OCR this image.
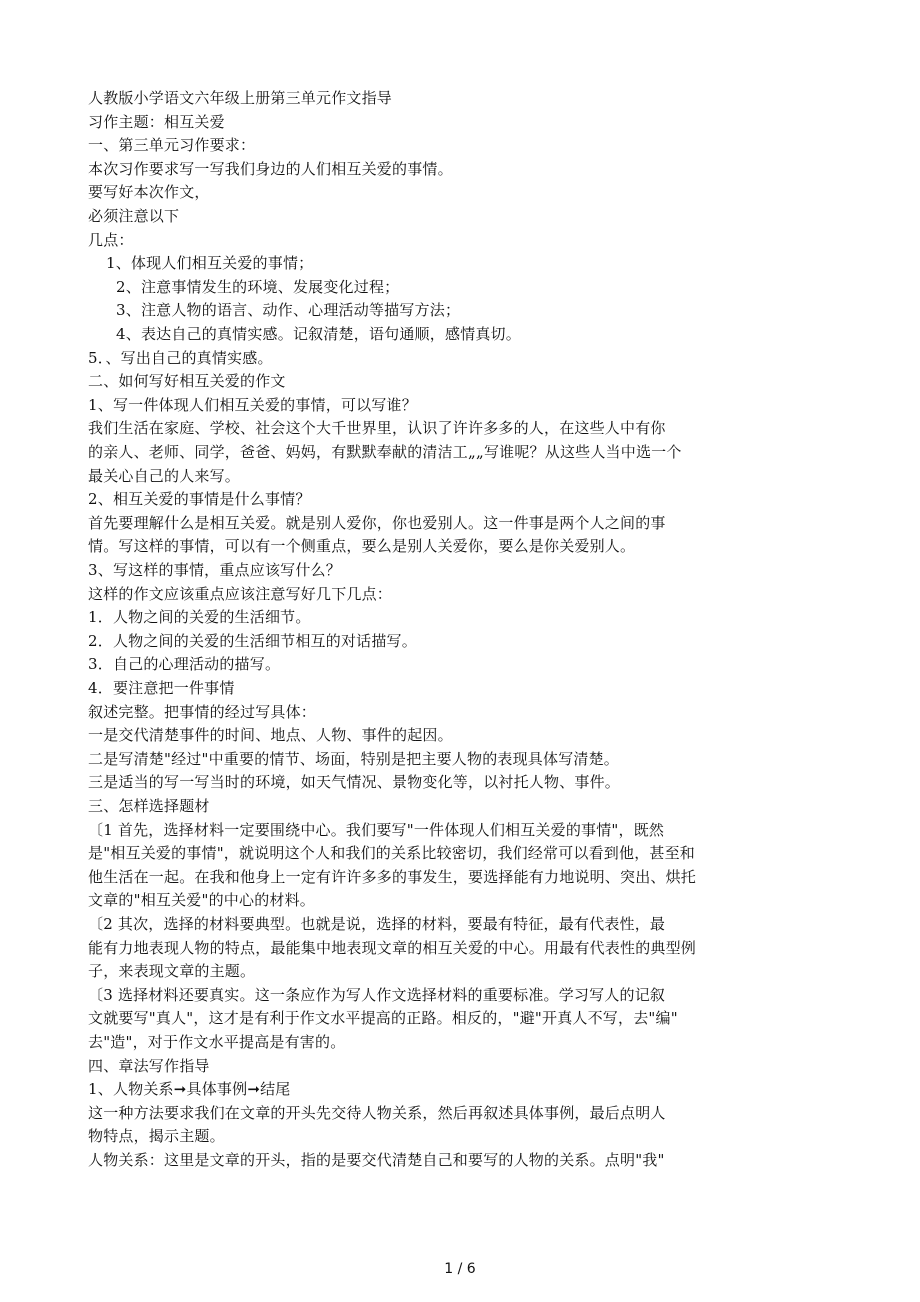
人教版小学语文六年级上册第三单元作文指导
习作主题：相互关爱
一、第三单元习作要求：
本次习作要求写一写我们身边的人们相互关爱的事情。
要写好本次作文，
必须注意以下
几点：
1、体现人们相互关爱的事情；
2、注意事情发生的环境、发展变化过程；
3、注意人物的语言、动作、心理活动等描写方法；
4、表达自己的真情实感。记叙清楚，语句通顺，感情真切。
5．、写出自己的真情实感。
二、如何写好相互关爱的作文
1、写一件体现人们相互关爱的事情，可以写谁？
我们生活在家庭、学校、社会这个大千世界里，认识了许许多多的人，在这些人中有你
的亲人、老师、同学，爸爸、妈妈，有默默奉献的清洁工„„写谁呢？从这些人当中选一个
最关心自己的人来写。
2、相互关爱的事情是什么事情？
首先要理解什么是相互关爱。就是别人爱你，你也爱别人。这一件事是两个人之间的事
情。写这样的事情，可以有一个侧重点，要么是别人关爱你，要么是你关爱别人。
3、写这样的事情，重点应该写什么？
这样的作文应该重点应该注意写好几下几点：
1．人物之间的关爱的生活细节。
2．人物之间的关爱的生活细节相互的对话描写。
3．自己的心理活动的描写。
4．要注意把一件事情
叙述完整。把事情的经过写具体：
一是交代清楚事件的时间、地点、人物、事件的起因。
二是写清楚"经过"中重要的情节、场面，特别是把主要人物的表现具体写清楚。
三是适当的写一写当时的环境，如天气情况、景物变化等，以衬托人物、事件。
三、怎样选择题材
〔1 首先，选择材料一定要围绕中心。我们要写"一件体现人们相互关爱的事情"，既然
是"相互关爱的事情"，就说明这个人和我们的关系比较密切，我们经常可以看到他，甚至和
他生活在一起。在我和他身上一定有许许多多的事发生，要选择能有力地说明、突出、烘托
文章的"相互关爱"的中心的材料。
〔2 其次，选择的材料要典型。也就是说，选择的材料，要最有特征，最有代表性，最
能有力地表现人物的特点，最能集中地表现文章的相互关爱的中心。用最有代表性的典型例
子，来表现文章的主题。
〔3 选择材料还要真实。这一条应作为写人作文选择材料的重要标准。学习写人的记叙
文就要写"真人"，这才是有利于作文水平提高的正路。相反的，"避"开真人不写，去"编"
去"造"，对于作文水平提高是有害的。
四、章法写作指导
1、人物关系➞具体事例➞结尾
这一种方法要求我们在文章的开头先交待人物关系，然后再叙述具体事例，最后点明人
物特点，揭示主题。
人物关系：这里是文章的开头，指的是要交代清楚自己和要写的人物的关系。点明"我"
1 / 6
